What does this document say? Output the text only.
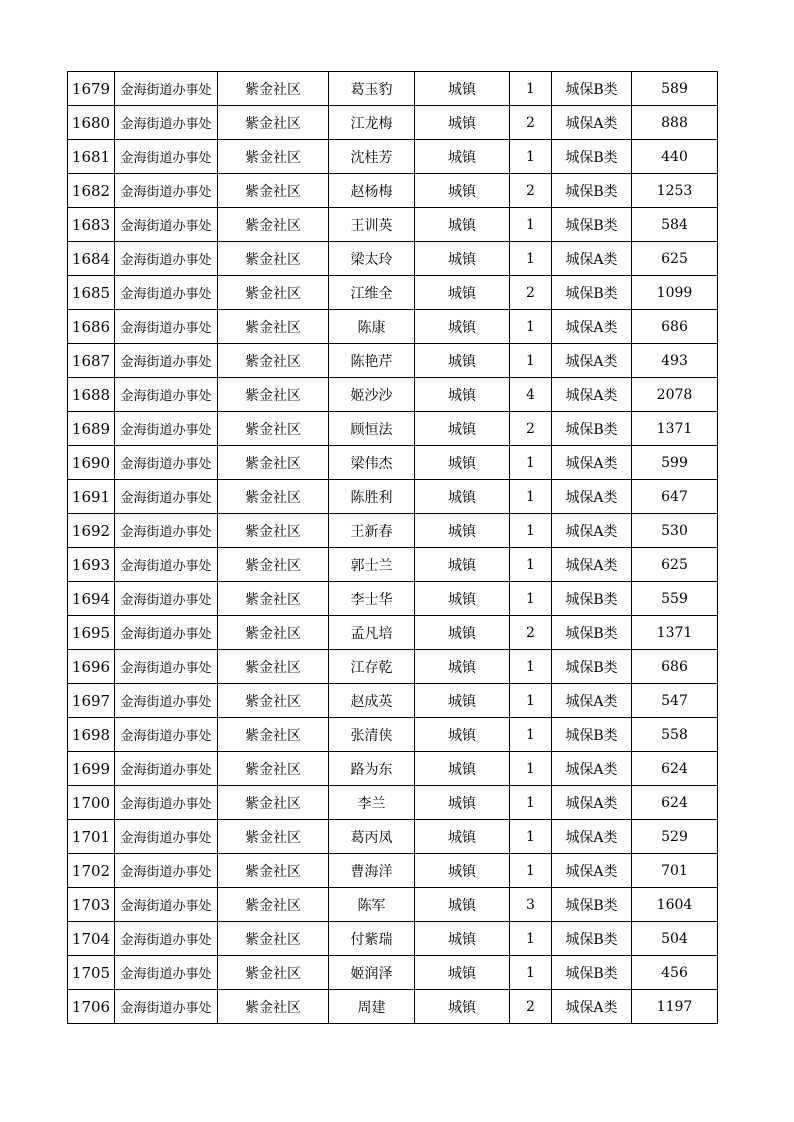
1679	金海街道办事处	紫金社区	葛玉豹	城镇	1	城保B类	589
1680	金海街道办事处	紫金社区	江龙梅	城镇	2	城保A类	888
1681	金海街道办事处	紫金社区	沈桂芳	城镇	1	城保B类	440
1682	金海街道办事处	紫金社区	赵杨梅	城镇	2	城保B类	1253
1683	金海街道办事处	紫金社区	王训英	城镇	1	城保B类	584
1684	金海街道办事处	紫金社区	梁太玲	城镇	1	城保A类	625
1685	金海街道办事处	紫金社区	江维全	城镇	2	城保B类	1099
1686	金海街道办事处	紫金社区	陈康	城镇	1	城保A类	686
1687	金海街道办事处	紫金社区	陈艳芹	城镇	1	城保A类	493
1688	金海街道办事处	紫金社区	姬沙沙	城镇	4	城保A类	2078
1689	金海街道办事处	紫金社区	顾恒法	城镇	2	城保B类	1371
1690	金海街道办事处	紫金社区	梁伟杰	城镇	1	城保A类	599
1691	金海街道办事处	紫金社区	陈胜利	城镇	1	城保A类	647
1692	金海街道办事处	紫金社区	王新春	城镇	1	城保A类	530
1693	金海街道办事处	紫金社区	郭士兰	城镇	1	城保A类	625
1694	金海街道办事处	紫金社区	李士华	城镇	1	城保B类	559
1695	金海街道办事处	紫金社区	孟凡培	城镇	2	城保B类	1371
1696	金海街道办事处	紫金社区	江存乾	城镇	1	城保B类	686
1697	金海街道办事处	紫金社区	赵成英	城镇	1	城保A类	547
1698	金海街道办事处	紫金社区	张清侠	城镇	1	城保B类	558
1699	金海街道办事处	紫金社区	路为东	城镇	1	城保A类	624
1700	金海街道办事处	紫金社区	李兰	城镇	1	城保A类	624
1701	金海街道办事处	紫金社区	葛丙凤	城镇	1	城保A类	529
1702	金海街道办事处	紫金社区	曹海洋	城镇	1	城保A类	701
1703	金海街道办事处	紫金社区	陈军	城镇	3	城保B类	1604
1704	金海街道办事处	紫金社区	付紫瑞	城镇	1	城保B类	504
1705	金海街道办事处	紫金社区	姬润泽	城镇	1	城保B类	456
1706	金海街道办事处	紫金社区	周建	城镇	2	城保A类	1197
